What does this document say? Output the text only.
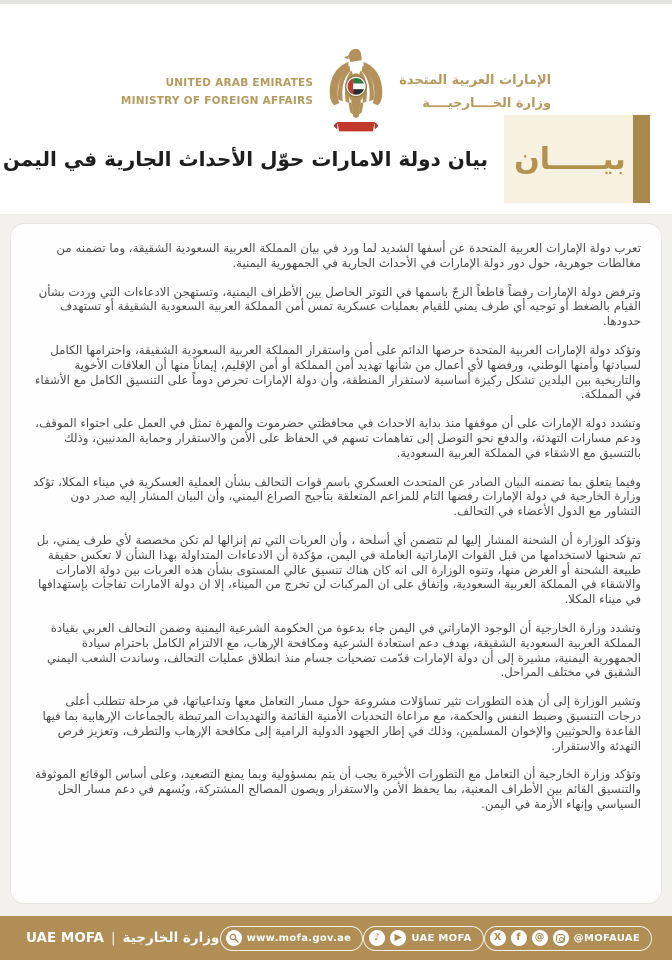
UNITED ARAB EMIRATES
MINISTRY OF FOREIGN AFFAIRS
الإمارات العربية المتحدة
وزارة الخــــارجيــــة
بيان دولة الامارات حوّل الأحداث الجارية في اليمن بيـــــان

تعرب دولة الإمارات العربية المتحدة عن أسفها الشديد لما ورد في بيان المملكة العربية السعودية الشقيقة، وما تضمنه من مغالطات جوهرية، حول دور دولة الإمارات في الأحداث الجارية في الجمهورية اليمنية.

وترفض دولة الإمارات رفضاً قاطعاً الزجّ باسمها في التوتر الحاصل بين الأطراف اليمنية، وتستهجن الادعاءات التي وردت بشأن القيام بالضغط أو توجيه أي طرف يمني للقيام بعمليات عسكرية تمس أمن المملكة العربية السعودية الشقيقة أو تستهدف حدودها.

وتؤكد دولة الإمارات العربية المتحدة حرصها الدائم على أمن واستقرار المملكة العربية السعودية الشقيقة، واحترامها الكامل لسيادتها وأمنها الوطني، ورفضها لأي أعمال من شأنها تهديد أمن المملكة أو أمن الإقليم، إيماناً منها أن العلاقات الأخوية والتاريخية بين البلدين تشكل ركيزة أساسية لاستقرار المنطقة، وأن دولة الإمارات تحرص دوماً على التنسيق الكامل مع الأشقاء في المملكة.

وتشدد دولة الإمارات على أن موقفها منذ بداية الاحداث في محافظتي حضرموت والمهرة تمثل في العمل على احتواء الموقف، ودعم مسارات التهدئة، والدفع نحو التوصل إلى تفاهمات تسهم في الحفاظ على الأمن والاستقرار وحماية المدنيين، وذلك بالتنسيق مع الاشقاء في المملكة العربية السعودية.

وفيما يتعلق بما تضمنه البيان الصادر عن المتحدث العسكري باسم قوات التحالف بشأن العملية العسكرية في ميناء المكلا، تؤكد وزارة الخارجية في دولة الإمارات رفضها التام للمزاعم المتعلقة بتأجيج الصراع اليمني، وأن البيان المشار إليه صدر دون التشاور مع الدول الأعضاء في التحالف.

وتؤكد الوزارة أن الشحنة المشار إليها لم تتضمن أي أسلحة ، وأن العربات التي تم إنزالها لم تكن مخصصة لأي طرف يمني، بل تم شحنها لاستخدامها من قبل القوات الإماراتية العاملة في اليمن، مؤكدة أن الادعاءات المتداولة بهذا الشأن لا تعكس حقيقة طبيعة الشحنة أو الغرض منها، وتنوه الوزارة الى انه كان هناك تنسيق عالي المستوى بشأن هذه العربات بين دولة الامارات والاشقاء في المملكة العربية السعودية، وإتفاق على ان المركبات لن تخرج من الميناء، إلا ان دولة الامارات تفاجأت بإستهدافها في ميناء المكلا.

وتشدد وزارة الخارجية أن الوجود الإماراتي في اليمن جاء بدعوة من الحكومة الشرعية اليمنية وضمن التحالف العربي بقيادة المملكة العربية السعودية الشقيقة، بهدف دعم استعادة الشرعية ومكافحة الإرهاب، مع الالتزام الكامل باحترام سيادة الجمهورية اليمنية، مشيرة إلى أن دولة الإمارات قدّمت تضحيات جسام منذ انطلاق عمليات التحالف، وساندت الشعب اليمني الشقيق في مختلف المراحل.

وتشير الوزارة إلى أن هذه التطورات تثير تساؤلات مشروعة حول مسار التعامل معها وتداعياتها، في مرحلة تتطلب أعلى درجات التنسيق وضبط النفس والحكمة، مع مراعاة التحديات الأمنية القائمة والتهديدات المرتبطة بالجماعات الإرهابية بما فيها القاعدة والحوثيين والإخوان المسلمين، وذلك في إطار الجهود الدولية الرامية إلى مكافحة الإرهاب والتطرف، وتعزيز فرص التهدئة والاستقرار.

وتؤكد وزارة الخارجية أن التعامل مع التطورات الأخيرة يجب أن يتم بمسؤولية وبما يمنع التصعيد، وعلى أساس الوقائع الموثوقة والتنسيق القائم بين الأطراف المعنية، بما يحفظ الأمن والاستقرار ويصون المصالح المشتركة، ويُسهم في دعم مسار الحل السياسي وإنهاء الأزمة في اليمن.

UAE MOFA | وزارة الخارجية	www.mofa.gov.ae	♪	▶ UAE MOFA	X	f	@	@MOFAUAE
